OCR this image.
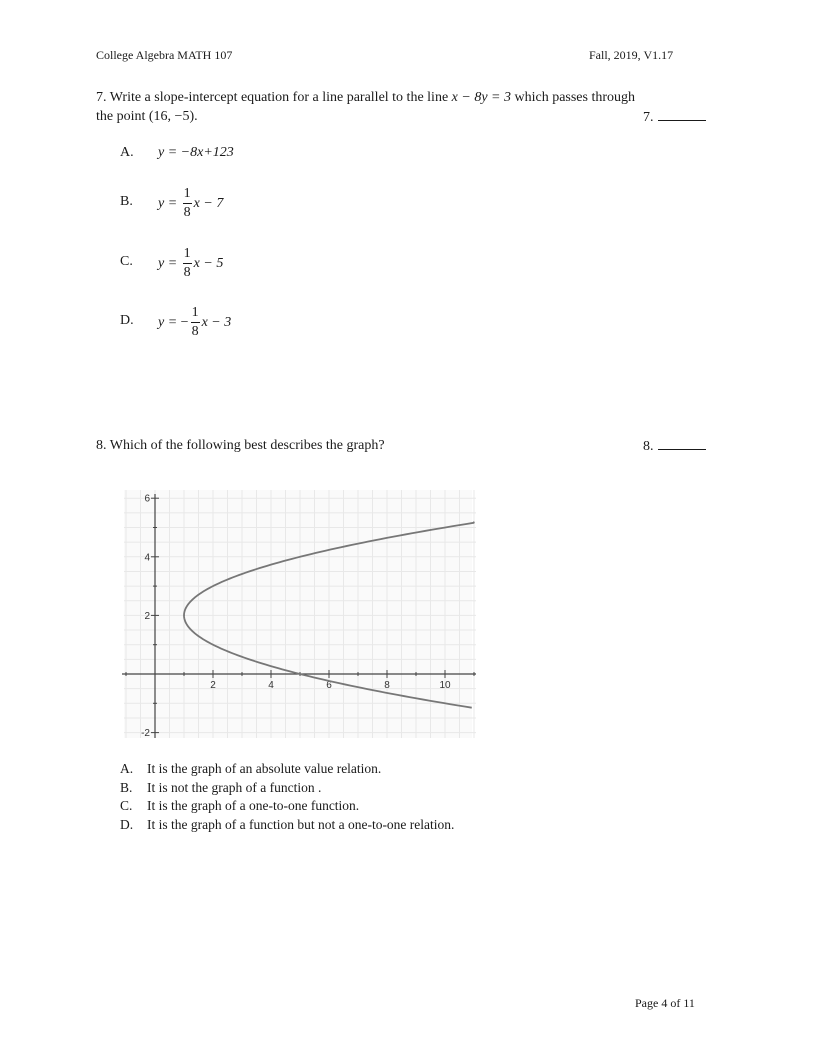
College Algebra MATH 107	Fall, 2019, V1.17
7. Write a slope-intercept equation for a line parallel to the line x − 8y = 3 which passes through
the point (16, −5).	7.
A. y = −8x+123
B. $y = \frac{1}{8}$ x − 7
C. $y = \frac{1}{8}$ x − 5
D. y = − $\frac{1}{8}$ x − 3
8. Which of the following best describes the graph?	8.
2	4	6	8	10
-2
2
4
6
A. It is the graph of an absolute value relation.
B. It is not the graph of a function .
C. It is the graph of a one-to-one function.
D. It is the graph of a function but not a one-to-one relation.
Page 4 of 11
